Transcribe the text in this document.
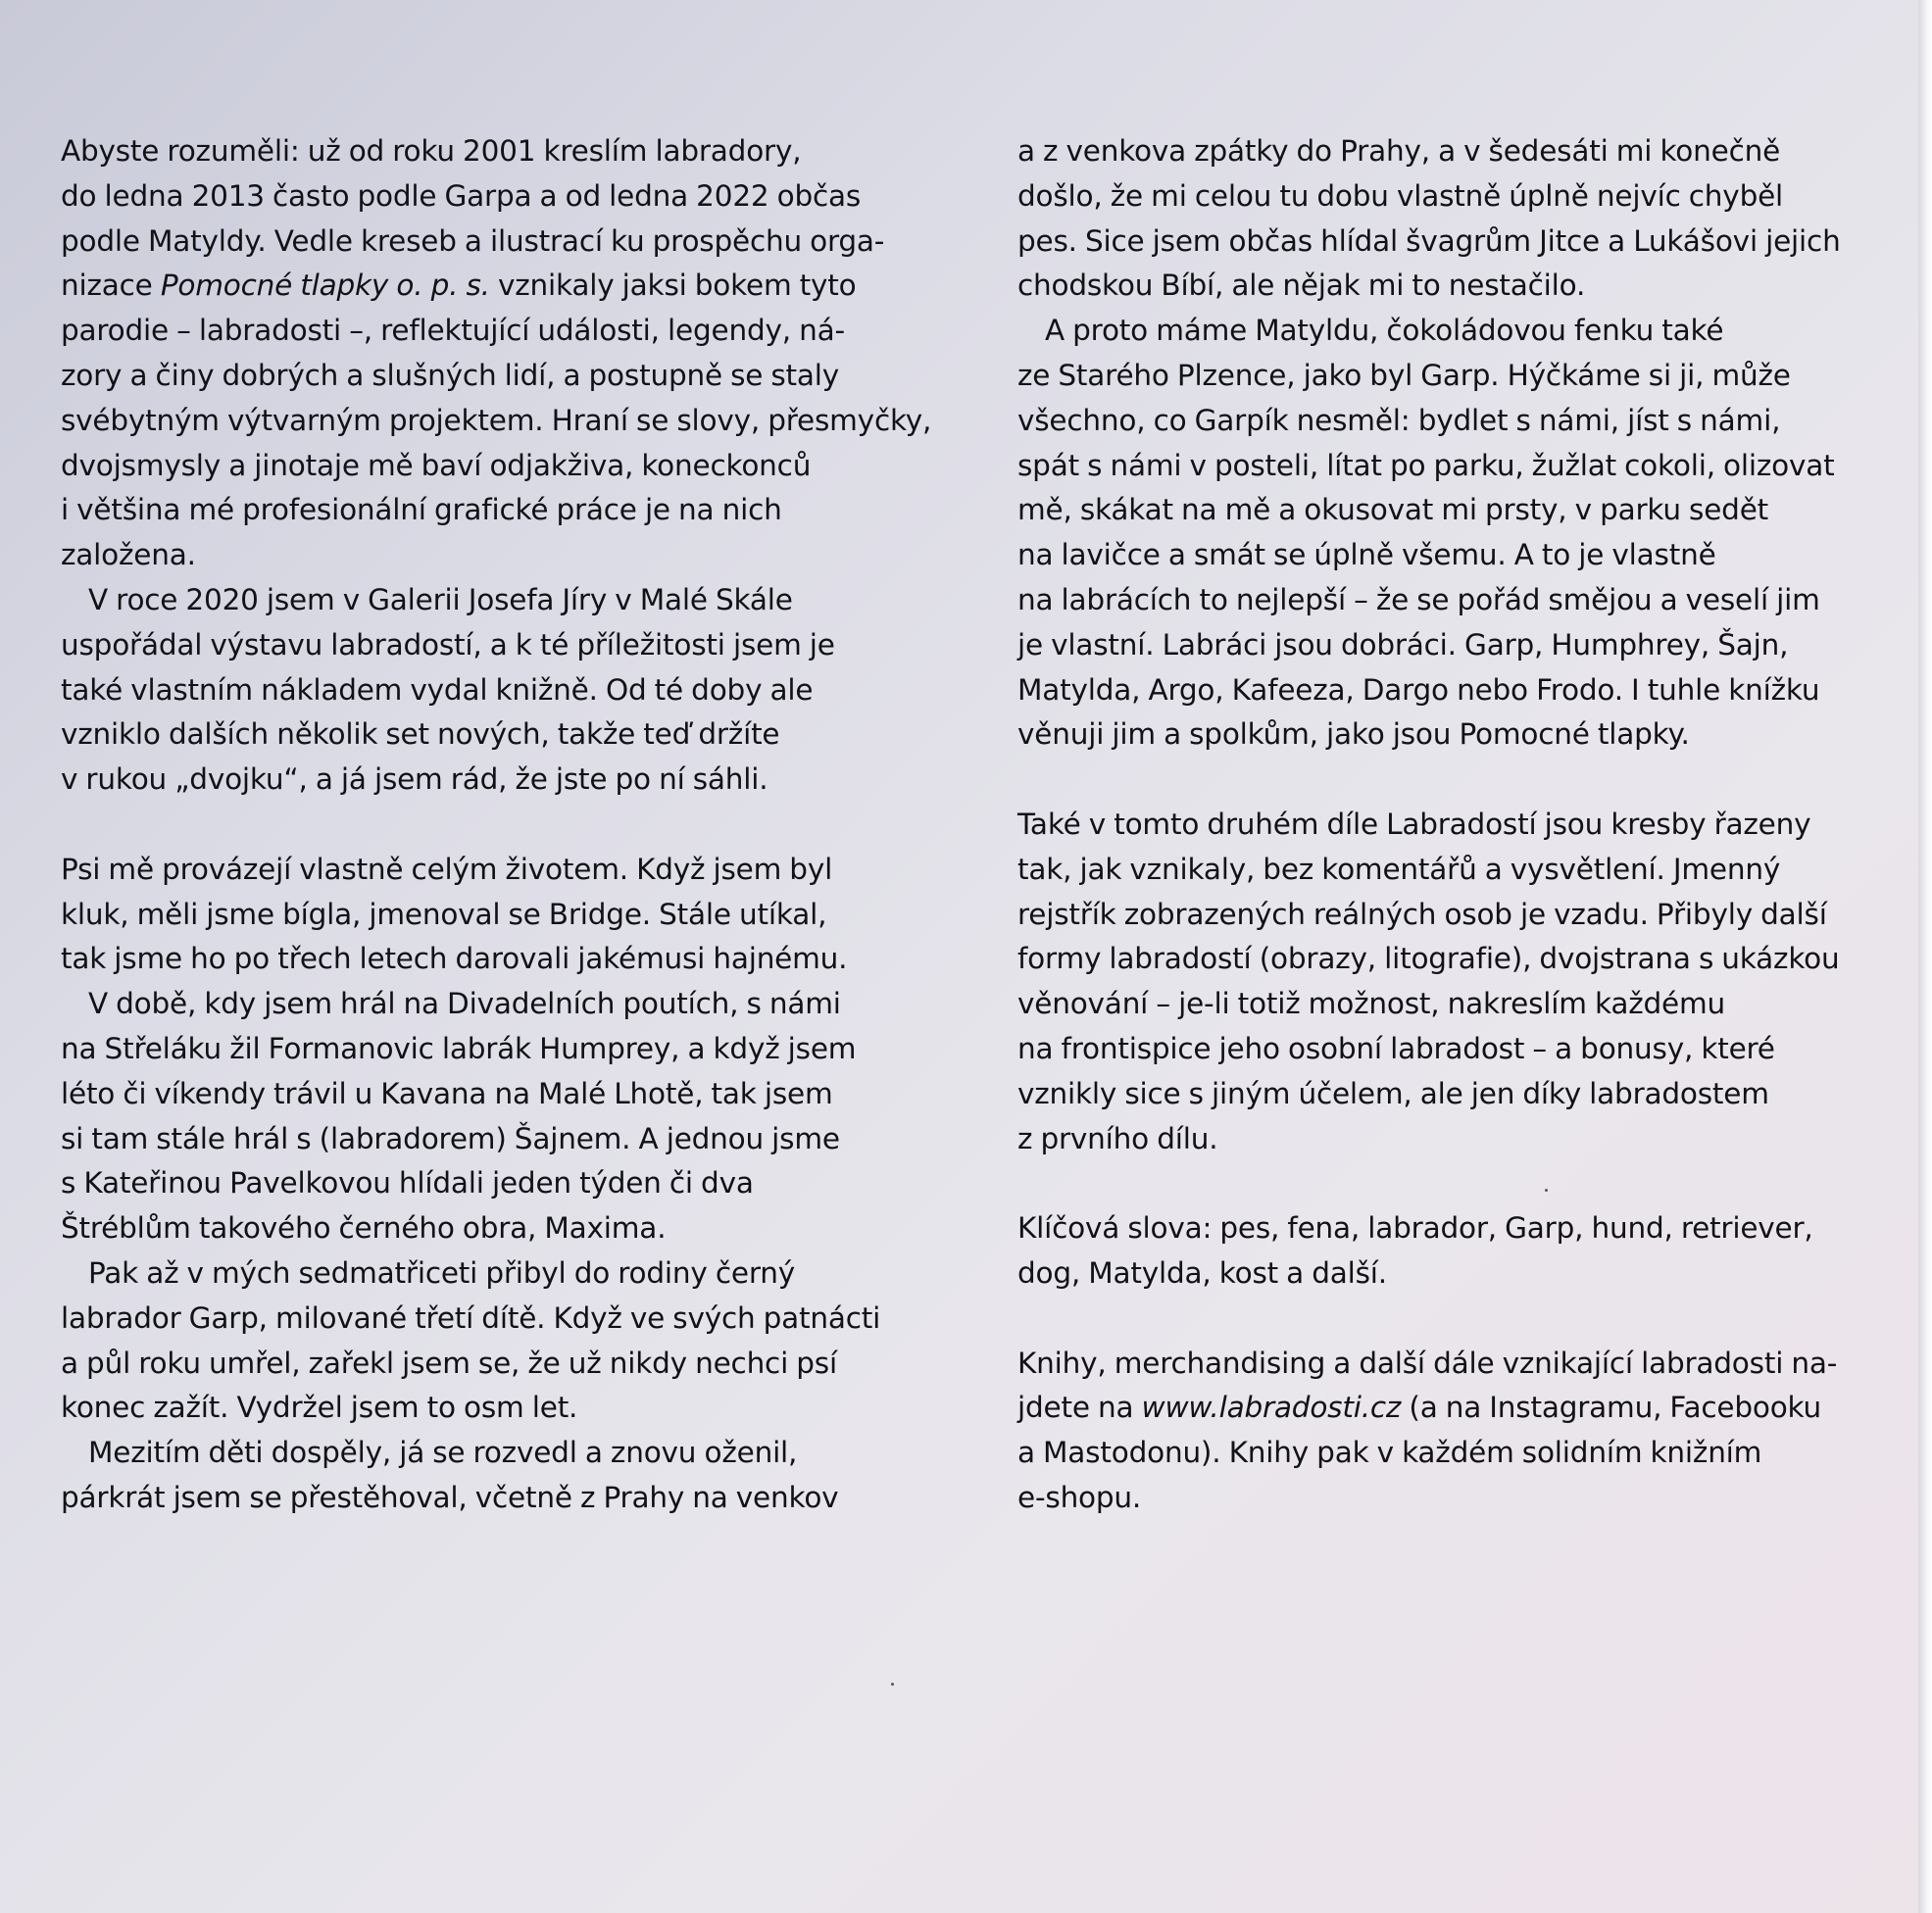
Abyste rozuměli: už od roku 2001 kreslím labradory,
do ledna 2013 často podle Garpa a od ledna 2022 občas
podle Matyldy. Vedle kreseb a ilustrací ku prospěchu orga-
nizace Pomocné tlapky o. p. s. vznikaly jaksi bokem tyto
parodie – labradosti –, reflektující události, legendy, ná-
zory a činy dobrých a slušných lidí, a postupně se staly
svébytným výtvarným projektem. Hraní se slovy, přesmyčky,
dvojsmysly a jinotaje mě baví odjakživa, koneckonců
i většina mé profesionální grafické práce je na nich
založena.
V roce 2020 jsem v Galerii Josefa Jíry v Malé Skále
uspořádal výstavu labradostí, a k té příležitosti jsem je
také vlastním nákladem vydal knižně. Od té doby ale
vzniklo dalších několik set nových, takže teď držíte
v rukou „dvojku“, a já jsem rád, že jste po ní sáhli.
Psi mě provázejí vlastně celým životem. Když jsem byl
kluk, měli jsme bígla, jmenoval se Bridge. Stále utíkal,
tak jsme ho po třech letech darovali jakémusi hajnému.
V době, kdy jsem hrál na Divadelních poutích, s námi
na Střeláku žil Formanovic labrák Humprey, a když jsem
léto či víkendy trávil u Kavana na Malé Lhotě, tak jsem
si tam stále hrál s (labradorem) Šajnem. A jednou jsme
s Kateřinou Pavelkovou hlídali jeden týden či dva
Štréblům takového černého obra, Maxima.
Pak až v mých sedmatřiceti přibyl do rodiny černý
labrador Garp, milované třetí dítě. Když ve svých patnácti
a půl roku umřel, zařekl jsem se, že už nikdy nechci psí
konec zažít. Vydržel jsem to osm let.
Mezitím děti dospěly, já se rozvedl a znovu oženil,
párkrát jsem se přestěhoval, včetně z Prahy na venkov
a z venkova zpátky do Prahy, a v šedesáti mi konečně
došlo, že mi celou tu dobu vlastně úplně nejvíc chyběl
pes. Sice jsem občas hlídal švagrům Jitce a Lukášovi jejich
chodskou Bíbí, ale nějak mi to nestačilo.
A proto máme Matyldu, čokoládovou fenku také
ze Starého Plzence, jako byl Garp. Hýčkáme si ji, může
všechno, co Garpík nesměl: bydlet s námi, jíst s námi,
spát s námi v posteli, lítat po parku, žužlat cokoli, olizovat
mě, skákat na mě a okusovat mi prsty, v parku sedět
na lavičce a smát se úplně všemu. A to je vlastně
na labrácích to nejlepší – že se pořád smějou a veselí jim
je vlastní. Labráci jsou dobráci. Garp, Humphrey, Šajn,
Matylda, Argo, Kafeeza, Dargo nebo Frodo. I tuhle knížku
věnuji jim a spolkům, jako jsou Pomocné tlapky.
Také v tomto druhém díle Labradostí jsou kresby řazeny
tak, jak vznikaly, bez komentářů a vysvětlení. Jmenný
rejstřík zobrazených reálných osob je vzadu. Přibyly další
formy labradostí (obrazy, litografie), dvojstrana s ukázkou
věnování – je-li totiž možnost, nakreslím každému
na frontispice jeho osobní labradost – a bonusy, které
vznikly sice s jiným účelem, ale jen díky labradostem
z prvního dílu.
Klíčová slova: pes, fena, labrador, Garp, hund, retriever,
dog, Matylda, kost a další.
Knihy, merchandising a další dále vznikající labradosti na-
jdete na www.labradosti.cz (a na Instagramu, Facebooku
a Mastodonu). Knihy pak v každém solidním knižním
e-shopu.
